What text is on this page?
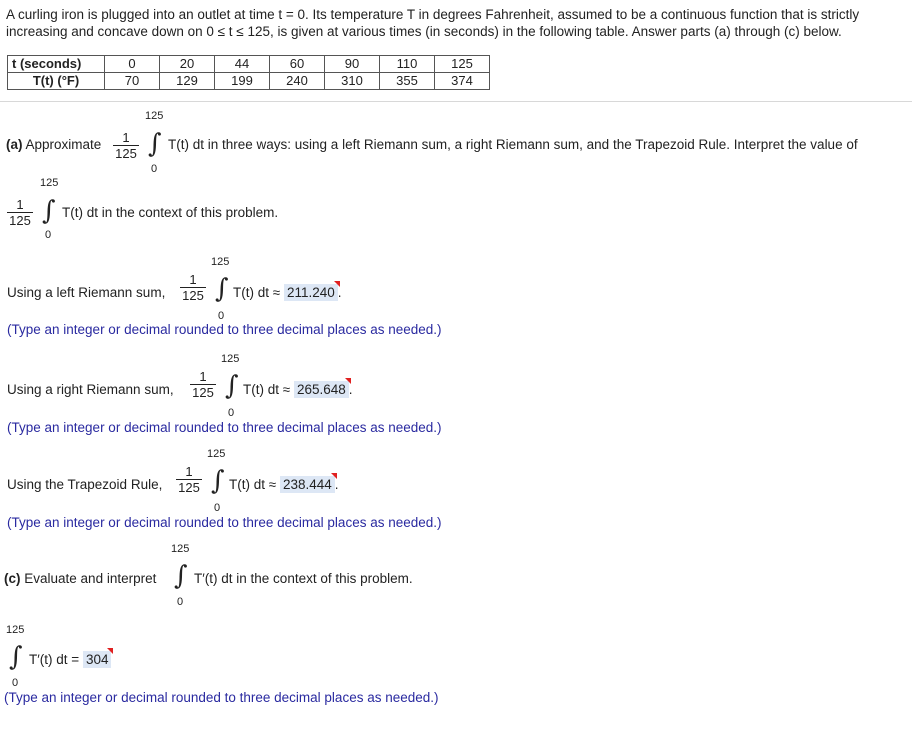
A curling iron is plugged into an outlet at time t = 0. Its temperature T in degrees Fahrenheit, assumed to be a continuous function that is strictly increasing and concave down on 0 ≤ t ≤ 125, is given at various times (in seconds) in the following table. Answer parts (a) through (c) below.
t (seconds)	0	20	44	60	90	110	125
T(t) (°F)	70	129	199	240	310	355	374
(a) Approximate $\frac{1}{125}$
125
∫
0
T(t) dt in three ways: using a left Riemann sum, a right Riemann sum, and the Trapezoid Rule. Interpret the value of
125
$\frac{1}{125}$ ∫
0
T(t) dt in the context of this problem.
Using a left Riemann sum, $\frac{1}{125}$
125
∫
0
T(t) dt ≈ 211.240 .
(Type an integer or decimal rounded to three decimal places as needed.)
Using a right Riemann sum, $\frac{1}{125}$
125
∫
0
T(t) dt ≈ 265.648 .
(Type an integer or decimal rounded to three decimal places as needed.)
Using the Trapezoid Rule, $\frac{1}{125}$
125
∫
0
T(t) dt ≈ 238.444 .
(Type an integer or decimal rounded to three decimal places as needed.)
(c) Evaluate and interpret
125
∫
0
T′(t) dt in the context of this problem.
125
∫
0
T′(t) dt = 304
(Type an integer or decimal rounded to three decimal places as needed.)
